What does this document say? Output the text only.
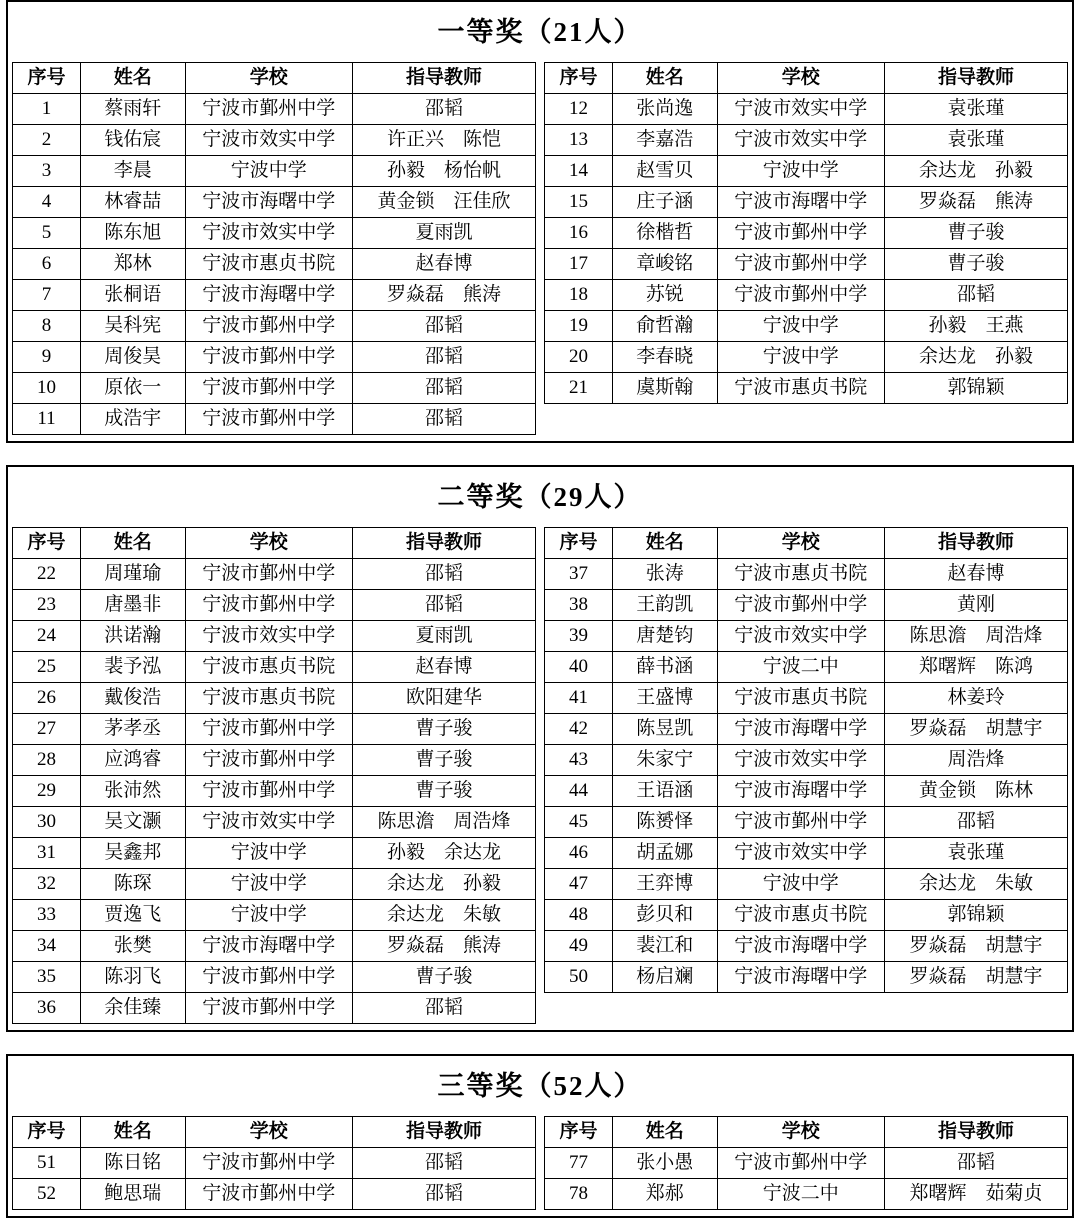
一等奖（21人）
序号	姓名	学校	指导教师
1	蔡雨轩	宁波市鄞州中学	邵韬
2	钱佑宸	宁波市效实中学	许正兴　陈恺
3	李晨	宁波中学	孙毅　杨怡帆
4	林睿喆	宁波市海曙中学	黄金锁　汪佳欣
5	陈东旭	宁波市效实中学	夏雨凯
6	郑林	宁波市惠贞书院	赵春博
7	张桐语	宁波市海曙中学	罗焱磊　熊涛
8	吴科宪	宁波市鄞州中学	邵韬
9	周俊昊	宁波市鄞州中学	邵韬
10	原依一	宁波市鄞州中学	邵韬
11	成浩宇	宁波市鄞州中学	邵韬
序号	姓名	学校	指导教师
12	张尚逸	宁波市效实中学	袁张瑾
13	李嘉浩	宁波市效实中学	袁张瑾
14	赵雪贝	宁波中学	余达龙　孙毅
15	庄子涵	宁波市海曙中学	罗焱磊　熊涛
16	徐楷哲	宁波市鄞州中学	曹子骏
17	章峻铭	宁波市鄞州中学	曹子骏
18	苏锐	宁波市鄞州中学	邵韬
19	俞哲瀚	宁波中学	孙毅　王燕
20	李春晓	宁波中学	余达龙　孙毅
21	虞斯翰	宁波市惠贞书院	郭锦颖

二等奖（29人）
序号	姓名	学校	指导教师
22	周瑾瑜	宁波市鄞州中学	邵韬
23	唐墨非	宁波市鄞州中学	邵韬
24	洪诺瀚	宁波市效实中学	夏雨凯
25	裴予泓	宁波市惠贞书院	赵春博
26	戴俊浩	宁波市惠贞书院	欧阳建华
27	茅孝丞	宁波市鄞州中学	曹子骏
28	应鸿睿	宁波市鄞州中学	曹子骏
29	张沛然	宁波市鄞州中学	曹子骏
30	吴文灏	宁波市效实中学	陈思澹　周浩烽
31	吴鑫邦	宁波中学	孙毅　余达龙
32	陈琛	宁波中学	余达龙　孙毅
33	贾逸飞	宁波中学	余达龙　朱敏
34	张樊	宁波市海曙中学	罗焱磊　熊涛
35	陈羽飞	宁波市鄞州中学	曹子骏
36	余佳臻	宁波市鄞州中学	邵韬
序号	姓名	学校	指导教师
37	张涛	宁波市惠贞书院	赵春博
38	王韵凯	宁波市鄞州中学	黄刚
39	唐楚钧	宁波市效实中学	陈思澹　周浩烽
40	薛书涵	宁波二中	郑曙辉　陈鸿
41	王盛博	宁波市惠贞书院	林姜玲
42	陈昱凯	宁波市海曙中学	罗焱磊　胡慧宇
43	朱家宁	宁波市效实中学	周浩烽
44	王语涵	宁波市海曙中学	黄金锁　陈林
45	陈赟怿	宁波市鄞州中学	邵韬
46	胡孟娜	宁波市效实中学	袁张瑾
47	王弈博	宁波中学	余达龙　朱敏
48	彭贝和	宁波市惠贞书院	郭锦颖
49	裴江和	宁波市海曙中学	罗焱磊　胡慧宇
50	杨启斓	宁波市海曙中学	罗焱磊　胡慧宇

三等奖（52人）
序号	姓名	学校	指导教师
51	陈日铭	宁波市鄞州中学	邵韬
52	鲍思瑞	宁波市鄞州中学	邵韬
序号	姓名	学校	指导教师
77	张小愚	宁波市鄞州中学	邵韬
78	郑郝	宁波二中	郑曙辉　茹菊贞
